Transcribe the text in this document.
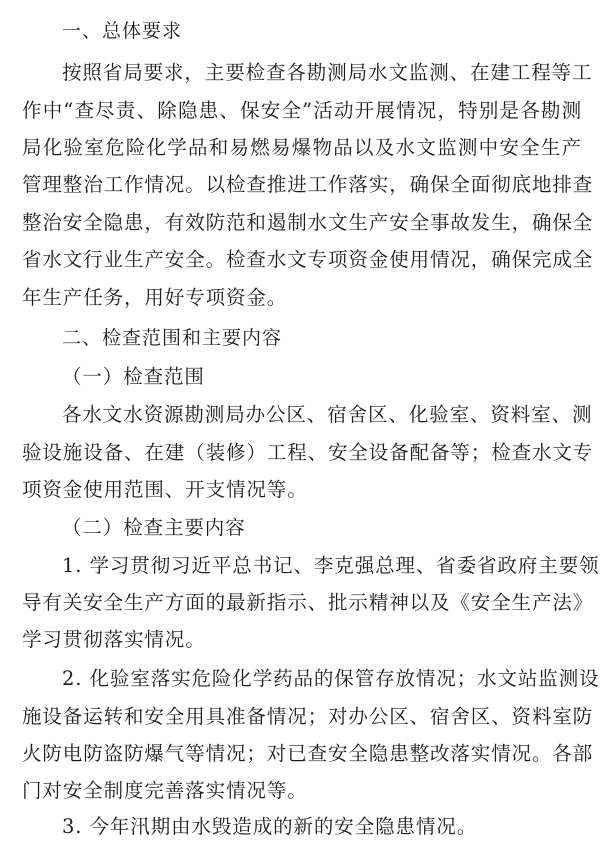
一、总体要求
按照省局要求，主要检查各勘测局水文监测、在建工程等工
作中“查尽责、除隐患、保安全”活动开展情况，特别是各勘测
局化验室危险化学品和易燃易爆物品以及水文监测中安全生产
管理整治工作情况。以检查推进工作落实，确保全面彻底地排查
整治安全隐患，有效防范和遏制水文生产安全事故发生，确保全
省水文行业生产安全。检查水文专项资金使用情况，确保完成全
年生产任务，用好专项资金。
二、检查范围和主要内容
（一）检查范围
各水文水资源勘测局办公区、宿舍区、化验室、资料室、测
验设施设备、在建（装修）工程、安全设备配备等；检查水文专
项资金使用范围、开支情况等。
（二）检查主要内容
1. 学习贯彻习近平总书记、李克强总理、省委省政府主要领
导有关安全生产方面的最新指示、批示精神以及《安全生产法》
学习贯彻落实情况。
2. 化验室落实危险化学药品的保管存放情况；水文站监测设
施设备运转和安全用具准备情况；对办公区、宿舍区、资料室防
火防电防盗防爆气等情况；对已查安全隐患整改落实情况。各部
门对安全制度完善落实情况等。
3. 今年汛期由水毁造成的新的安全隐患情况。
